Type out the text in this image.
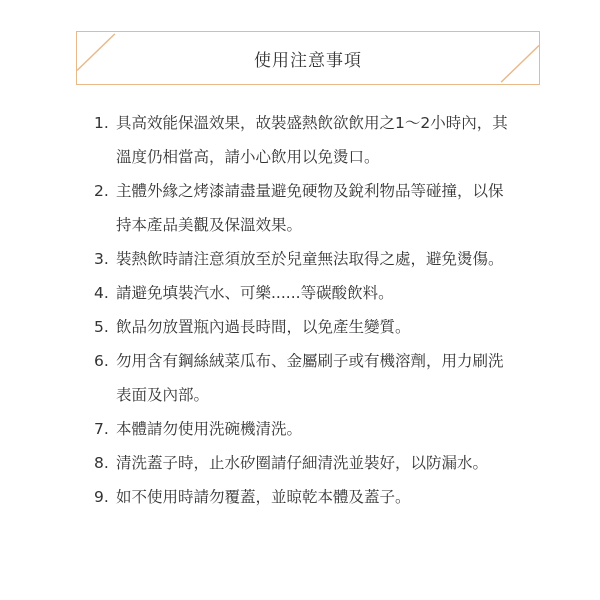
使用注意事項
1. 具高效能保溫效果，故裝盛熱飲欲飲用之1〜2小時內，其
溫度仍相當高，請小心飲用以免燙口。
2. 主體外緣之烤漆請盡量避免硬物及銳利物品等碰撞，以保
持本產品美觀及保溫效果。
3. 裝熱飲時請注意須放至於兒童無法取得之處，避免燙傷。
4. 請避免填裝汽水、可樂......等碳酸飲料。
5. 飲品勿放置瓶內過長時間，以免產生變質。
6. 勿用含有鋼絲絨菜瓜布、金屬刷子或有機溶劑，用力刷洗
表面及內部。
7. 本體請勿使用洗碗機清洗。
8. 清洗蓋子時，止水矽圈請仔細清洗並裝好，以防漏水。
9. 如不使用時請勿覆蓋，並晾乾本體及蓋子。
